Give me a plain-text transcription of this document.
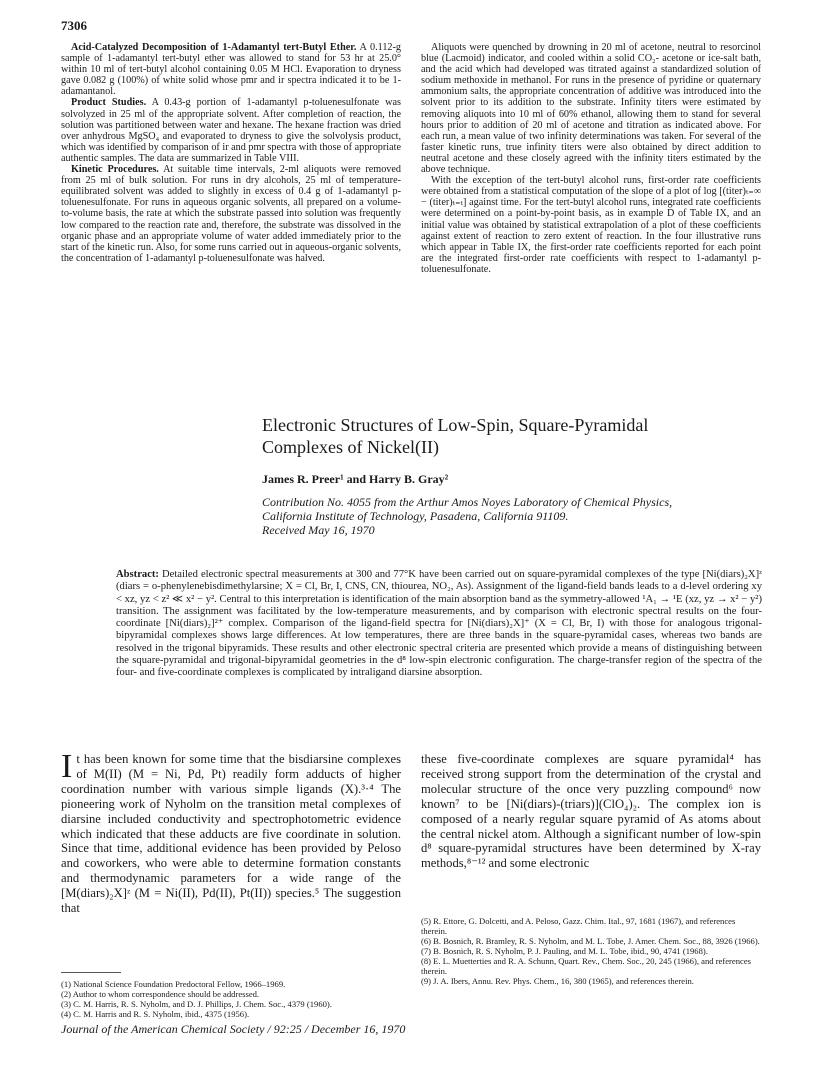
7306

Acid-Catalyzed Decomposition of 1-Adamantyl tert-Butyl Ether. A 0.112-g sample of 1-adamantyl tert-butyl ether was allowed to stand for 53 hr at 25.0° within 10 ml of tert-butyl alcohol containing 0.05 M HCl. Evaporation to dryness gave 0.082 g (100%) of white solid whose pmr and ir spectra indicated it to be 1-adamantanol.

Product Studies. A 0.43-g portion of 1-adamantyl p-toluenesulfonate was solvolyzed in 25 ml of the appropriate solvent. After completion of reaction, the solution was partitioned between water and hexane. The hexane fraction was dried over anhydrous MgSO₄ and evaporated to dryness to give the solvolysis product, which was identified by comparison of ir and pmr spectra with those of appropriate authentic samples. The data are summarized in Table VIII.

Kinetic Procedures. At suitable time intervals, 2-ml aliquots were removed from 25 ml of bulk solution. For runs in dry alcohols, 25 ml of temperature-equilibrated solvent was added to slightly in excess of 0.4 g of 1-adamantyl p-toluenesulfonate. For runs in aqueous organic solvents, all prepared on a volume-to-volume basis, the rate at which the substrate passed into solution was frequently low compared to the reaction rate and, therefore, the substrate was dissolved in the organic phase and an appropriate volume of water added immediately prior to the start of the kinetic run. Also, for some runs carried out in aqueous-organic solvents, the concentration of 1-adamantyl p-toluenesulfonate was halved.

Aliquots were quenched by drowning in 20 ml of acetone, neutral to resorcinol blue (Lacmoid) indicator, and cooled within a solid CO₂- acetone or ice-salt bath, and the acid which had developed was titrated against a standardized solution of sodium methoxide in methanol. For runs in the presence of pyridine or quaternary ammonium salts, the appropriate concentration of additive was introduced into the solvent prior to its addition to the substrate. Infinity titers were estimated by removing aliquots into 10 ml of 60% ethanol, allowing them to stand for several hours prior to addition of 20 ml of acetone and titration as indicated above. For each run, a mean value of two infinity determinations was taken. For several of the faster kinetic runs, true infinity titers were also obtained by direct addition to neutral acetone and these closely agreed with the infinity titers estimated by the above technique.

With the exception of the tert-butyl alcohol runs, first-order rate coefficients were obtained from a statistical computation of the slope of a plot of log [(titer)ₜ₌∞ − (titer)ₜ₌ₜ] against time. For the tert-butyl alcohol runs, integrated rate coefficients were determined on a point-by-point basis, as in example D of Table IX, and an initial value was obtained by statistical extrapolation of a plot of these coefficients against extent of reaction to zero extent of reaction. In the four illustrative runs which appear in Table IX, the first-order rate coefficients reported for each point are the integrated first-order rate coefficients with respect to 1-adamantyl p-toluenesulfonate.

Electronic Structures of Low-Spin, Square-Pyramidal
Complexes of Nickel(II)
James R. Preer¹ and Harry B. Gray²
Contribution No. 4055 from the Arthur Amos Noyes Laboratory of Chemical Physics,
California Institute of Technology, Pasadena, California 91109.
Received May 16, 1970
Abstract: Detailed electronic spectral measurements at 300 and 77°K have been carried out on square-pyramidal complexes of the type [Ni(diars)₂X]ᶻ (diars = o-phenylenebisdimethylarsine; X = Cl, Br, I, CNS, CN, thiourea, NO₂, As). Assignment of the ligand-field bands leads to a d-level ordering xy < xz, yz < z² ≪ x² − y². Central to this interpretation is identification of the main absorption band as the symmetry-allowed ¹A₁ → ¹E (xz, yz → x² − y²) transition. The assignment was facilitated by the low-temperature measurements, and by comparison with electronic spectral results on the four-coordinate [Ni(diars)₂]²⁺ complex. Comparison of the ligand-field spectra for [Ni(diars)₂X]⁺ (X = Cl, Br, I) with those for analogous trigonal-bipyramidal complexes shows large differences. At low temperatures, there are three bands in the square-pyramidal cases, whereas two bands are resolved in the trigonal bipyramids. These results and other electronic spectral criteria are presented which provide a means of distinguishing between the square-pyramidal and trigonal-bipyramidal geometries in the d⁸ low-spin electronic configuration. The charge-transfer region of the spectra of the four- and five-coordinate complexes is complicated by intraligand diarsine absorption.
It has been known for some time that the bisdiarsine complexes of M(II) (M = Ni, Pd, Pt) readily form adducts of higher coordination number with various simple ligands (X).³·⁴ The pioneering work of Nyholm on the transition metal complexes of diarsine included conductivity and spectrophotometric evidence which indicated that these adducts are five coordinate in solution. Since that time, additional evidence has been provided by Peloso and coworkers, who were able to determine formation constants and thermodynamic parameters for a wide range of the [M(diars)₂X]ᶻ (M = Ni(II), Pd(II), Pt(II)) species.⁵ The suggestion that
these five-coordinate complexes are square pyramidal⁴ has received strong support from the determination of the crystal and molecular structure of the once very puzzling compound⁶ now known⁷ to be [Ni(diars)-(triars)](ClO₄)₂. The complex ion is composed of a nearly regular square pyramid of As atoms about the central nickel atom. Although a significant number of low-spin d⁸ square-pyramidal structures have been determined by X-ray methods,⁸⁻¹² and some electronic
(1) National Science Foundation Predoctoral Fellow, 1966–1969.
(2) Author to whom correspondence should be addressed.
(3) C. M. Harris, R. S. Nyholm, and D. J. Phillips, J. Chem. Soc., 4379 (1960).
(4) C. M. Harris and R. S. Nyholm, ibid., 4375 (1956).
(5) R. Ettore, G. Dolcetti, and A. Peloso, Gazz. Chim. Ital., 97, 1681 (1967), and references therein.
(6) B. Bosnich, R. Bramley, R. S. Nyholm, and M. L. Tobe, J. Amer. Chem. Soc., 88, 3926 (1966).
(7) B. Bosnich, R. S. Nyholm, P. J. Pauling, and M. L. Tobe, ibid., 90, 4741 (1968).
(8) E. L. Muetterties and R. A. Schunn, Quart. Rev., Chem. Soc., 20, 245 (1966), and references therein.
(9) J. A. Ibers, Annu. Rev. Phys. Chem., 16, 380 (1965), and references therein.
Journal of the American Chemical Society / 92:25 / December 16, 1970
